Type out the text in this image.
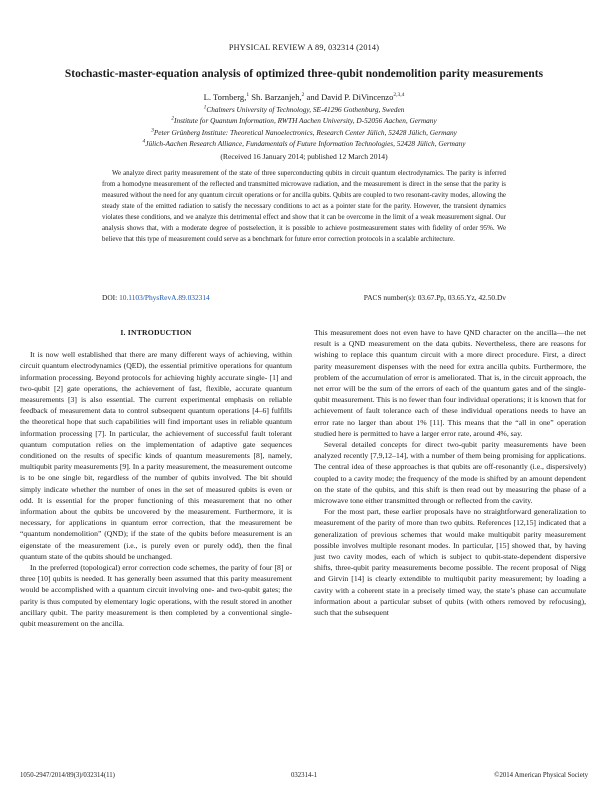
PHYSICAL REVIEW A 89, 032314 (2014)
Stochastic-master-equation analysis of optimized three-qubit nondemolition parity measurements
L. Tornberg,$^1$ Sh. Barzanjeh,$^2$ and David P. DiVincenzo$^{2,3,4}$
$^1$Chalmers University of Technology, SE-41296 Gothenburg, Sweden
$^2$Institute for Quantum Information, RWTH Aachen University, D-52056 Aachen, Germany
$^3$Peter Grünberg Institute: Theoretical Nanoelectronics, Research Center Jülich, 52428 Jülich, Germany
$^4$Jülich-Aachen Research Alliance, Fundamentals of Future Information Technologies, 52428 Jülich, Germany
(Received 16 January 2014; published 12 March 2014)

We analyze direct parity measurement of the state of three superconducting qubits in circuit quantum electrodynamics. The parity is inferred from a homodyne measurement of the reflected and transmitted microwave radiation, and the measurement is direct in the sense that the parity is measured without the need for any quantum circuit operations or for ancilla qubits. Qubits are coupled to two resonant-cavity modes, allowing the steady state of the emitted radiation to satisfy the necessary conditions to act as a pointer state for the parity. However, the transient dynamics violates these conditions, and we analyze this detrimental effect and show that it can be overcome in the limit of a weak measurement signal. Our analysis shows that, with a moderate degree of postselection, it is possible to achieve postmeasurement states with fidelity of order 95%. We believe that this type of measurement could serve as a benchmark for future error correction protocols in a scalable architecture.

DOI: 10.1103/PhysRevA.89.032314	PACS number(s): 03.67.Pp, 03.65.Yz, 42.50.Dv
I. INTRODUCTION

It is now well established that there are many different ways of achieving, within circuit quantum electrodynamics (QED), the essential primitive operations for quantum information processing. Beyond protocols for achieving highly accurate single- [1] and two-qubit [2] gate operations, the achievement of fast, flexible, accurate quantum measurements [3] is also essential. The current experimental emphasis on reliable feedback of measurement data to control subsequent quantum operations [4–6] fulfills the theoretical hope that such capabilities will find important uses in reliable quantum information processing [7]. In particular, the achievement of successful fault tolerant quantum computation relies on the implementation of adaptive gate sequences conditioned on the results of specific kinds of quantum measurements [8], namely, multiqubit parity measurements [9]. In a parity measurement, the measurement outcome is to be one single bit, regardless of the number of qubits involved. The bit should simply indicate whether the number of ones in the set of measured qubits is even or odd. It is essential for the proper functioning of this measurement that no other information about the qubits be uncovered by the measurement. Furthermore, it is necessary, for applications in quantum error correction, that the measurement be “quantum nondemolition” (QND); if the state of the qubits before measurement is an eigenstate of the measurement (i.e., is purely even or purely odd), then the final quantum state of the qubits should be unchanged.

In the preferred (topological) error correction code schemes, the parity of four [8] or three [10] qubits is needed. It has generally been assumed that this parity measurement would be accomplished with a quantum circuit involving one- and two-qubit gates; the parity is thus computed by elementary logic operations, with the result stored in another ancillary qubit. The parity measurement is then completed by a conventional single-qubit measurement on the ancilla.

This measurement does not even have to have QND character on the ancilla—the net result is a QND measurement on the data qubits. Nevertheless, there are reasons for wishing to replace this quantum circuit with a more direct procedure. First, a direct parity measurement dispenses with the need for extra ancilla qubits. Furthermore, the problem of the accumulation of error is ameliorated. That is, in the circuit approach, the net error will be the sum of the errors of each of the quantum gates and of the single-qubit measurement. This is no fewer than four individual operations; it is known that for achievement of fault tolerance each of these individual operations needs to have an error rate no larger than about 1% [11]. This means that the “all in one” operation studied here is permitted to have a larger error rate, around 4%, say.

Several detailed concepts for direct two-qubit parity measurements have been analyzed recently [7,9,12–14], with a number of them being promising for applications. The central idea of these approaches is that qubits are off-resonantly (i.e., dispersively) coupled to a cavity mode; the frequency of the mode is shifted by an amount dependent on the state of the qubits, and this shift is then read out by measuring the phase of a microwave tone either transmitted through or reflected from the cavity.

For the most part, these earlier proposals have no straightforward generalization to measurement of the parity of more than two qubits. References [12,15] indicated that a generalization of previous schemes that would make multiqubit parity measurement possible involves multiple resonant modes. In particular, [15] showed that, by having just two cavity modes, each of which is subject to qubit-state-dependent dispersive shifts, three-qubit parity measurements become possible. The recent proposal of Nigg and Girvin [14] is clearly extendible to multiqubit parity measurement; by loading a cavity with a coherent state in a precisely timed way, the state’s phase can accumulate information about a particular subset of qubits (with others removed by refocusing), such that the subsequent

1050-2947/2014/89(3)/032314(11)	032314-1	©2014 American Physical Society
